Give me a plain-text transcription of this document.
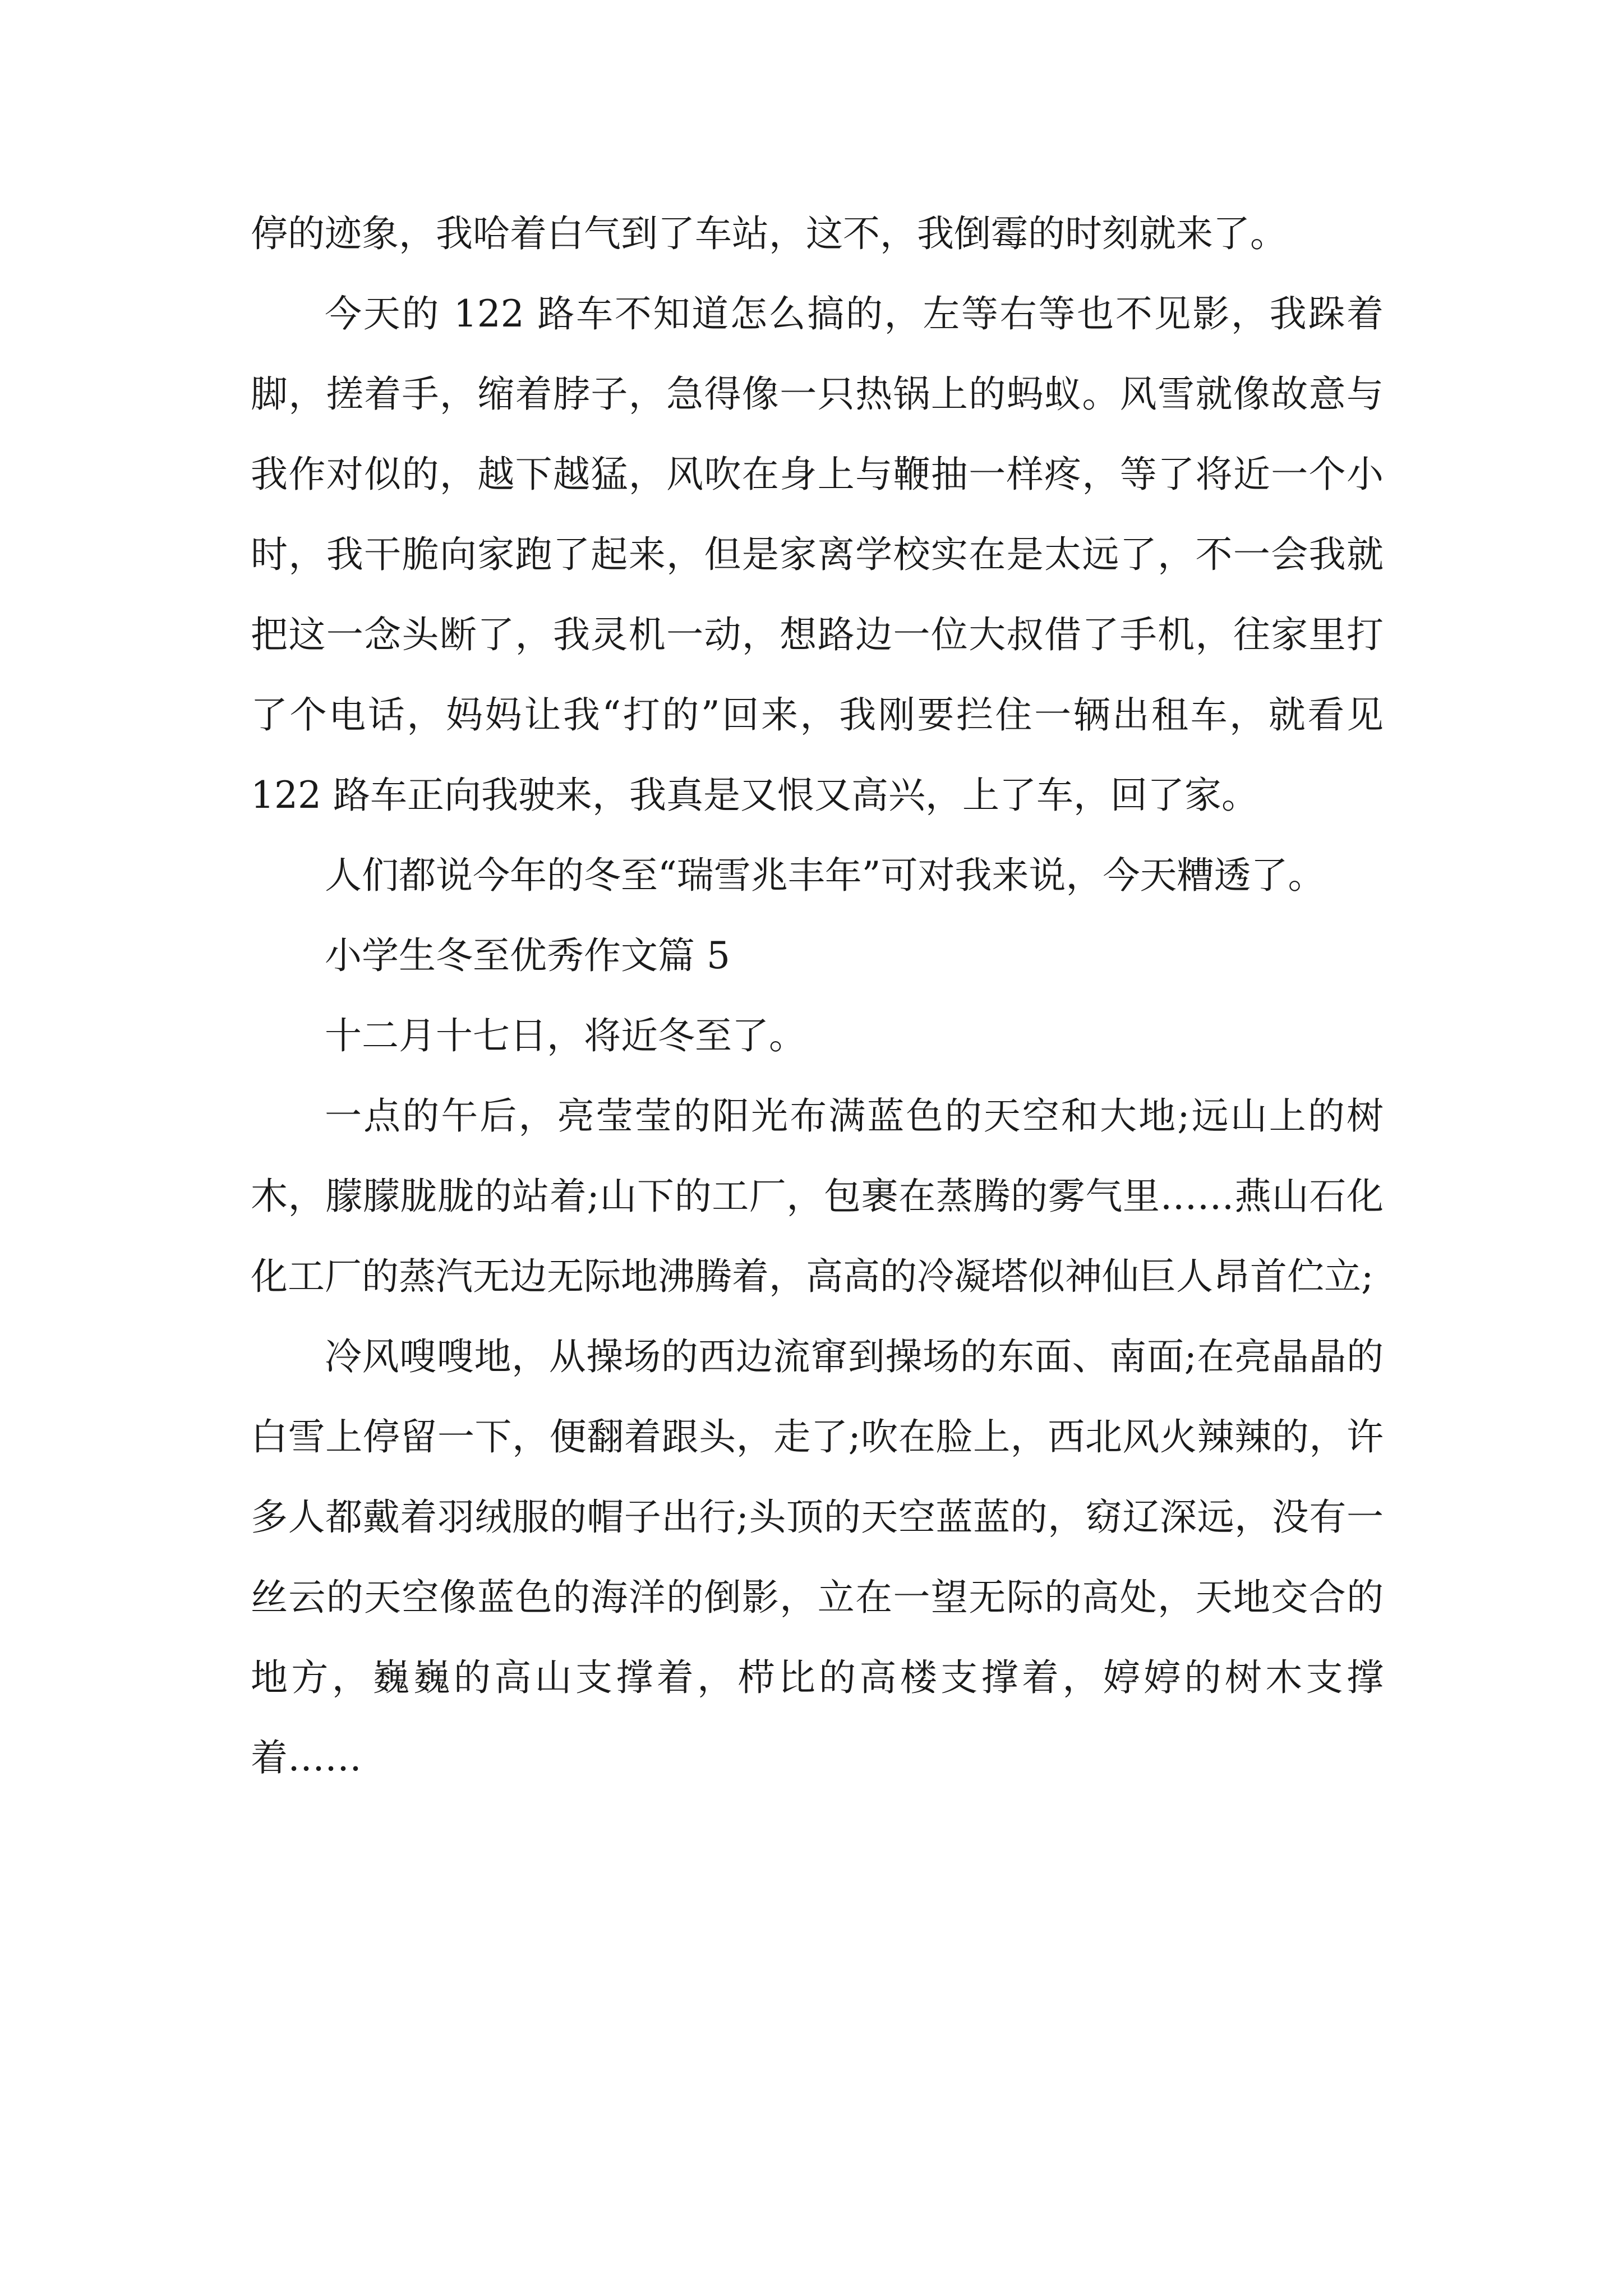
停的迹象，我哈着白气到了车站，这不，我倒霉的时刻就来了。

今天的 122 路车不知道怎么搞的，左等右等也不见影，我跺着脚，搓着手，缩着脖子，急得像一只热锅上的蚂蚁。风雪就像故意与我作对似的，越下越猛，风吹在身上与鞭抽一样疼，等了将近一个小时，我干脆向家跑了起来，但是家离学校实在是太远了，不一会我就把这一念头断了，我灵机一动，想路边一位大叔借了手机，往家里打了个电话，妈妈让我“打的”回来，我刚要拦住一辆出租车，就看见 122 路车正向我驶来，我真是又恨又高兴，上了车，回了家。

人们都说今年的冬至“瑞雪兆丰年”可对我来说，今天糟透了。

小学生冬至优秀作文篇 5

十二月十七日，将近冬至了。

一点的午后，亮莹莹的阳光布满蓝色的天空和大地;远山上的树木，朦朦胧胧的站着;山下的工厂，包裹在蒸腾的雾气里……燕山石化化工厂的蒸汽无边无际地沸腾着，高高的冷凝塔似神仙巨人昂首伫立;

冷风嗖嗖地，从操场的西边流窜到操场的东面、南面;在亮晶晶的白雪上停留一下，便翻着跟头，走了;吹在脸上，西北风火辣辣的，许多人都戴着羽绒服的帽子出行;头顶的天空蓝蓝的，窈辽深远，没有一丝云的天空像蓝色的海洋的倒影，立在一望无际的高处，天地交合的地方，巍巍的高山支撑着，栉比的高楼支撑着，婷婷的树木支撑着……
